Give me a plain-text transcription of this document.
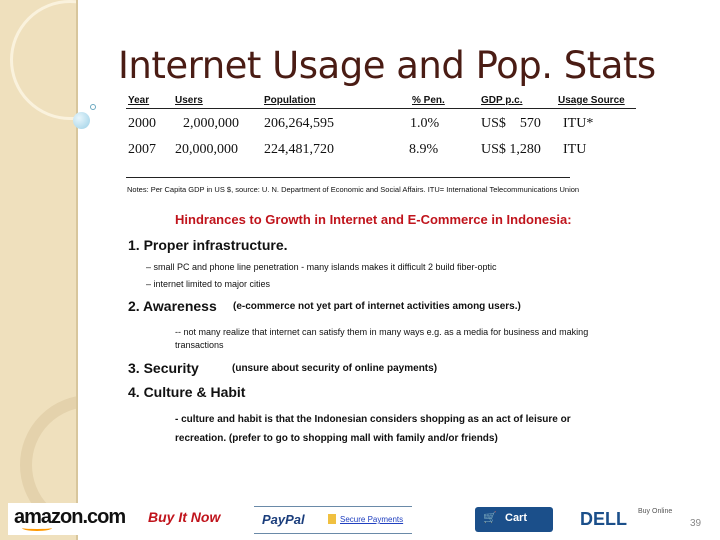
Internet Usage and Pop. Stats
Year	Users	Population	% Pen.	GDP p.c.	Usage Source
2000 2,000,000 206,264,595	1.0%	US$    570 ITU*
2007 20,000,000 224,481,720	8.9%	US$ 1,280 ITU
Notes: Per Capita GDP in US $, source: U. N. Department of Economic and Social Affairs. ITU= International Telecommunications Union
Hindrances to Growth in Internet and E-Commerce in Indonesia:
1. Proper infrastructure.
– small PC and phone line penetration - many islands makes it difficult 2 build fiber-optic
– internet limited to major cities
2. Awareness (e-commerce not yet part of internet activities among users.)
-- not many realize that internet can satisfy them in many ways e.g. as a media for business and making
transactions
3. Security	(unsure about security of online payments)
4. Culture & Habit
- culture and habit is that the Indonesian considers shopping as an act of leisure or
recreation. (prefer to go to shopping mall with family and/or friends)
amazon.com Buy It Now	PayPal	Secure Payments	🛒 Cart	DELL Buy Online
39
